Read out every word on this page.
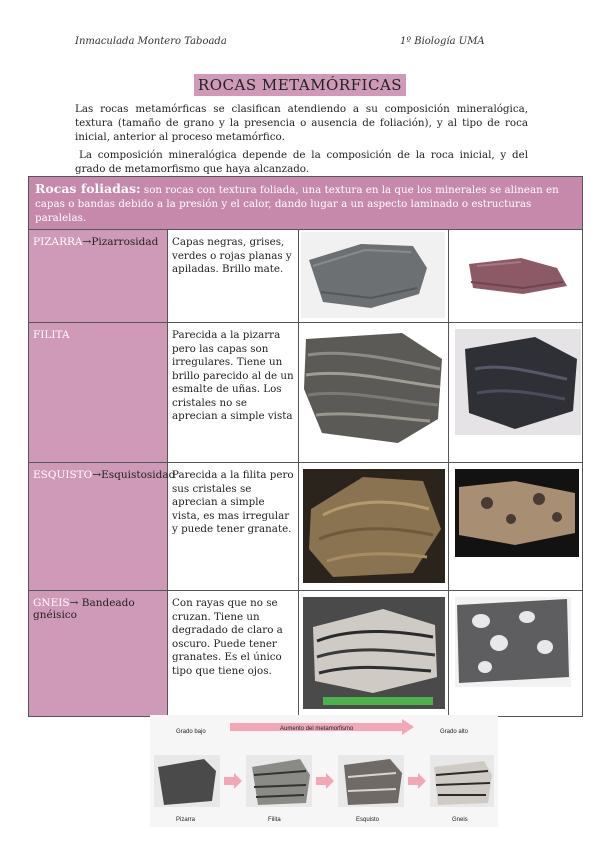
Inmaculada Montero Taboada	1º Biología UMA
ROCAS METAMÓRFICAS
Las rocas metamórficas se clasifican atendiendo a su composición mineralógica, textura (tamaño de grano y la presencia o ausencia de foliación), y al tipo de roca inicial, anterior al proceso metamórfico.
La composición mineralógica depende de la composición de la roca inicial, y del grado de metamorfismo que haya alcanzado.
Rocas foliadas: son rocas con textura foliada, una textura en la que los minerales se alinean en capas o bandas debido a la presión y el calor, dando lugar a un aspecto laminado o estructuras paralelas.			
PIZARRA→Pizarrosidad	Capas negras, grises, verdes o rojas planas y apiladas. Brillo mate.	

FILITA	Parecida a la pizarra pero las capas son irregulares. Tiene un brillo parecido al de un esmalte de uñas. Los cristales no se aprecian a simple vista	

ESQUISTO→Esquistosidad	Parecida a la filita pero sus cristales se aprecian a simple vista, es mas irregular y puede tener granate.	

GNEIS→ Bandeado gnéisico	Con rayas que no se cruzan. Tiene un degradado de claro a oscuro. Puede tener granates. Es el único tipo que tiene ojos.	

Grado bajo	Aumento del metamorfismo	Grado alto
Pizarra	Filita	Esquisto	Gneis
